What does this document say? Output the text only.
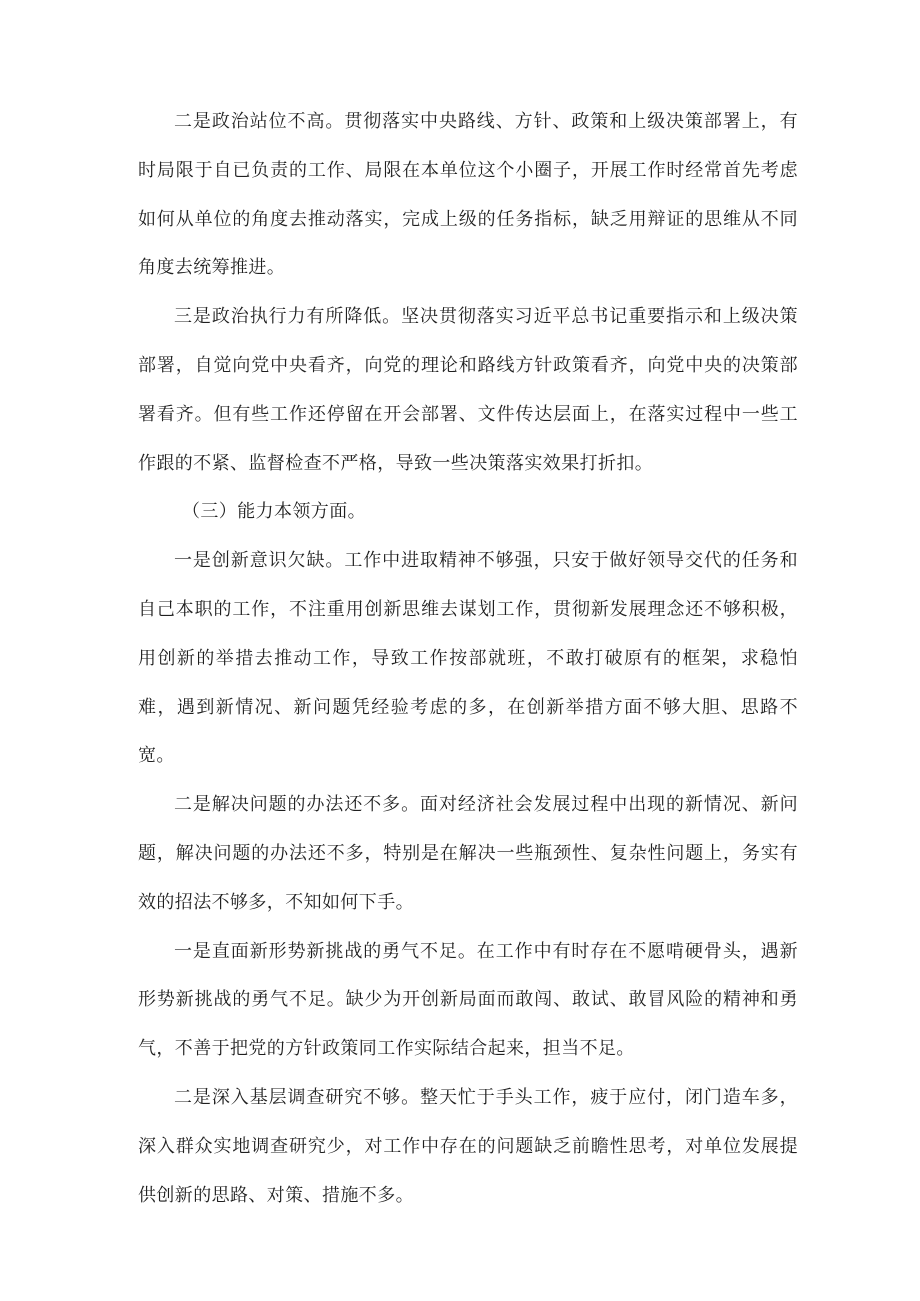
二是政治站位不高。贯彻落实中央路线、方针、政策和上级决策部署上，有时局限于自已负责的工作、局限在本单位这个小圈子，开展工作时经常首先考虑如何从单位的角度去推动落实，完成上级的任务指标，缺乏用辩证的思维从不同角度去统筹推进。

三是政治执行力有所降低。坚决贯彻落实习近平总书记重要指示和上级决策部署，自觉向党中央看齐，向党的理论和路线方针政策看齐，向党中央的决策部署看齐。但有些工作还停留在开会部署、文件传达层面上，在落实过程中一些工作跟的不紧、监督检查不严格，导致一些决策落实效果打折扣。

（三）能力本领方面。

一是创新意识欠缺。工作中进取精神不够强，只安于做好领导交代的任务和自己本职的工作，不注重用创新思维去谋划工作，贯彻新发展理念还不够积极，用创新的举措去推动工作，导致工作按部就班，不敢打破原有的框架，求稳怕难，遇到新情况、新问题凭经验考虑的多，在创新举措方面不够大胆、思路不宽。

二是解决问题的办法还不多。面对经济社会发展过程中出现的新情况、新问题，解决问题的办法还不多，特别是在解决一些瓶颈性、复杂性问题上，务实有效的招法不够多，不知如何下手。

一是直面新形势新挑战的勇气不足。在工作中有时存在不愿啃硬骨头，遇新形势新挑战的勇气不足。缺少为开创新局面而敢闯、敢试、敢冒风险的精神和勇气，不善于把党的方针政策同工作实际结合起来，担当不足。

二是深入基层调查研究不够。整天忙于手头工作，疲于应付，闭门造车多，深入群众实地调查研究少，对工作中存在的问题缺乏前瞻性思考，对单位发展提供创新的思路、对策、措施不多。
